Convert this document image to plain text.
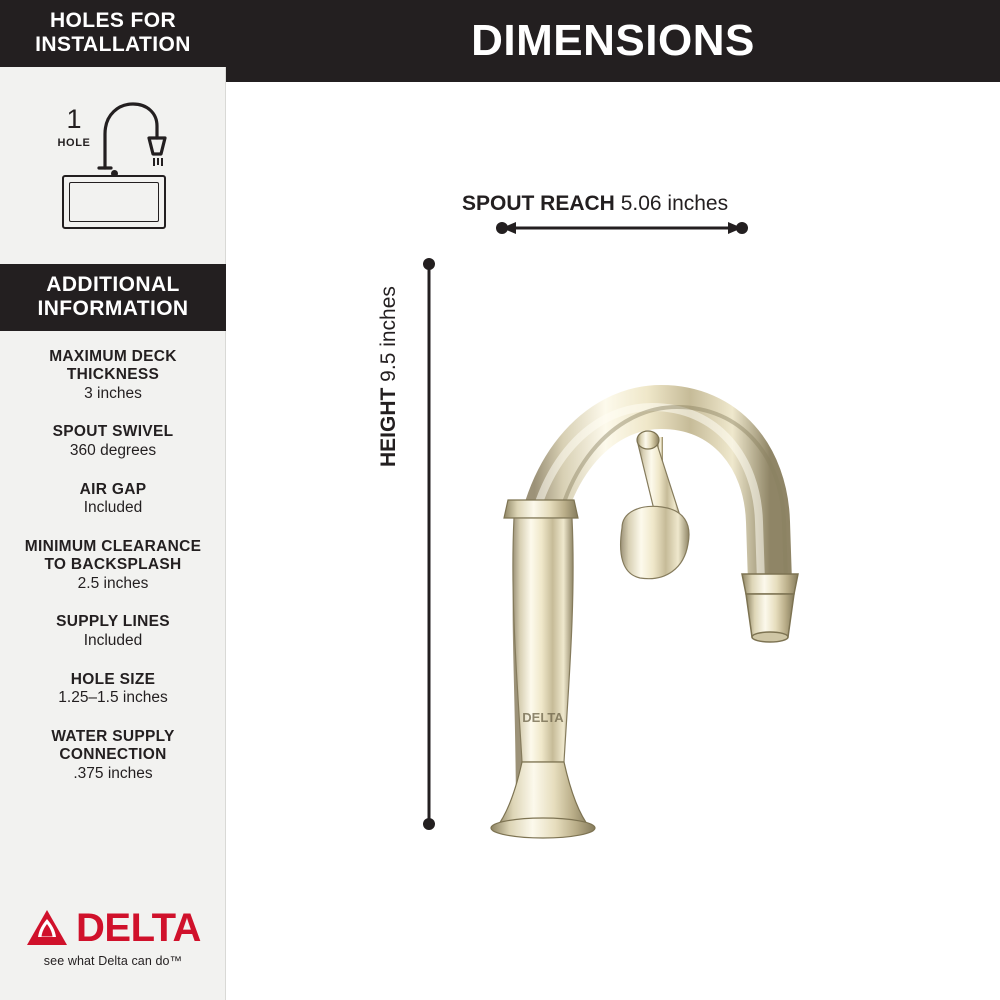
HOLES FOR
INSTALLATION
1
HOLE
ADDITIONAL
INFORMATION
MAXIMUM DECK
THICKNESS
3 inches
SPOUT SWIVEL
360 degrees
AIR GAP
Included
MINIMUM CLEARANCE
TO BACKSPLASH
2.5 inches
SUPPLY LINES
Included
HOLE SIZE
1.25–1.5 inches
WATER SUPPLY
CONNECTION
.375 inches
DELTA
see what Delta can do™
DIMENSIONS
SPOUT REACH 5.06 inches
HEIGHT 9.5 inches
DELTA
